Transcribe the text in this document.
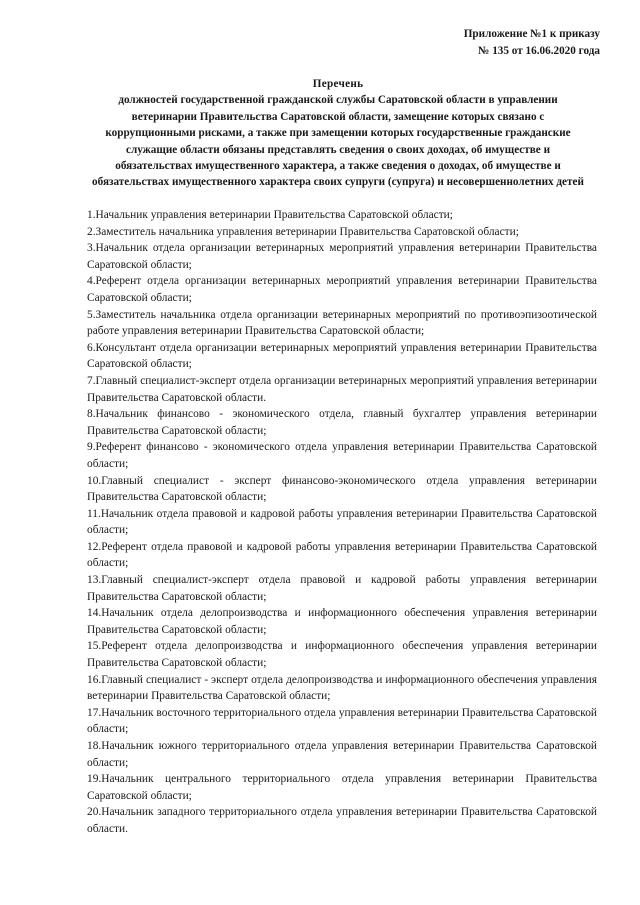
Приложение №1 к приказу
№ 135 от 16.06.2020 года
Перечень
должностей государственной гражданской службы Саратовской области в управлении ветеринарии Правительства Саратовской области, замещение которых связано с коррупционными рисками, а также при замещении которых государственные гражданские служащие области обязаны представлять сведения о своих доходах, об имуществе и обязательствах имущественного характера, а также сведения о доходах, об имуществе и обязательствах имущественного характера своих супруги (супруга) и несовершеннолетних детей
1.Начальник управления ветеринарии Правительства Саратовской области;
2.Заместитель начальника управления ветеринарии Правительства Саратовской области;
3.Начальник отдела организации ветеринарных мероприятий управления ветеринарии Правительства Саратовской области;
4.Референт отдела организации ветеринарных мероприятий управления ветеринарии Правительства Саратовской области;
5.Заместитель начальника отдела организации ветеринарных мероприятий по противоэпизоотической работе управления ветеринарии Правительства Саратовской области;
6.Консультант отдела организации ветеринарных мероприятий управления ветеринарии Правительства Саратовской области;
7.Главный специалист-эксперт отдела организации ветеринарных мероприятий управления ветеринарии Правительства Саратовской области.
8.Начальник финансово - экономического отдела, главный бухгалтер управления ветеринарии Правительства Саратовской области;
9.Референт финансово - экономического отдела управления ветеринарии Правительства Саратовской области;
10.Главный специалист - эксперт финансово-экономического отдела управления ветеринарии Правительства Саратовской области;
11.Начальник отдела правовой и кадровой работы управления ветеринарии Правительства Саратовской области;
12.Референт отдела правовой и кадровой работы управления ветеринарии Правительства Саратовской области;
13.Главный специалист-эксперт отдела правовой и кадровой работы управления ветеринарии Правительства Саратовской области;
14.Начальник отдела делопроизводства и информационного обеспечения управления ветеринарии Правительства Саратовской области;
15.Референт отдела делопроизводства и информационного обеспечения управления ветеринарии Правительства Саратовской области;
16.Главный специалист - эксперт отдела делопроизводства и информационного обеспечения управления ветеринарии Правительства Саратовской области;
17.Начальник восточного территориального отдела управления ветеринарии Правительства Саратовской области;
18.Начальник южного территориального отдела управления ветеринарии Правительства Саратовской области;
19.Начальник центрального территориального отдела управления ветеринарии Правительства Саратовской области;
20.Начальник западного территориального отдела управления ветеринарии Правительства Саратовской области.
